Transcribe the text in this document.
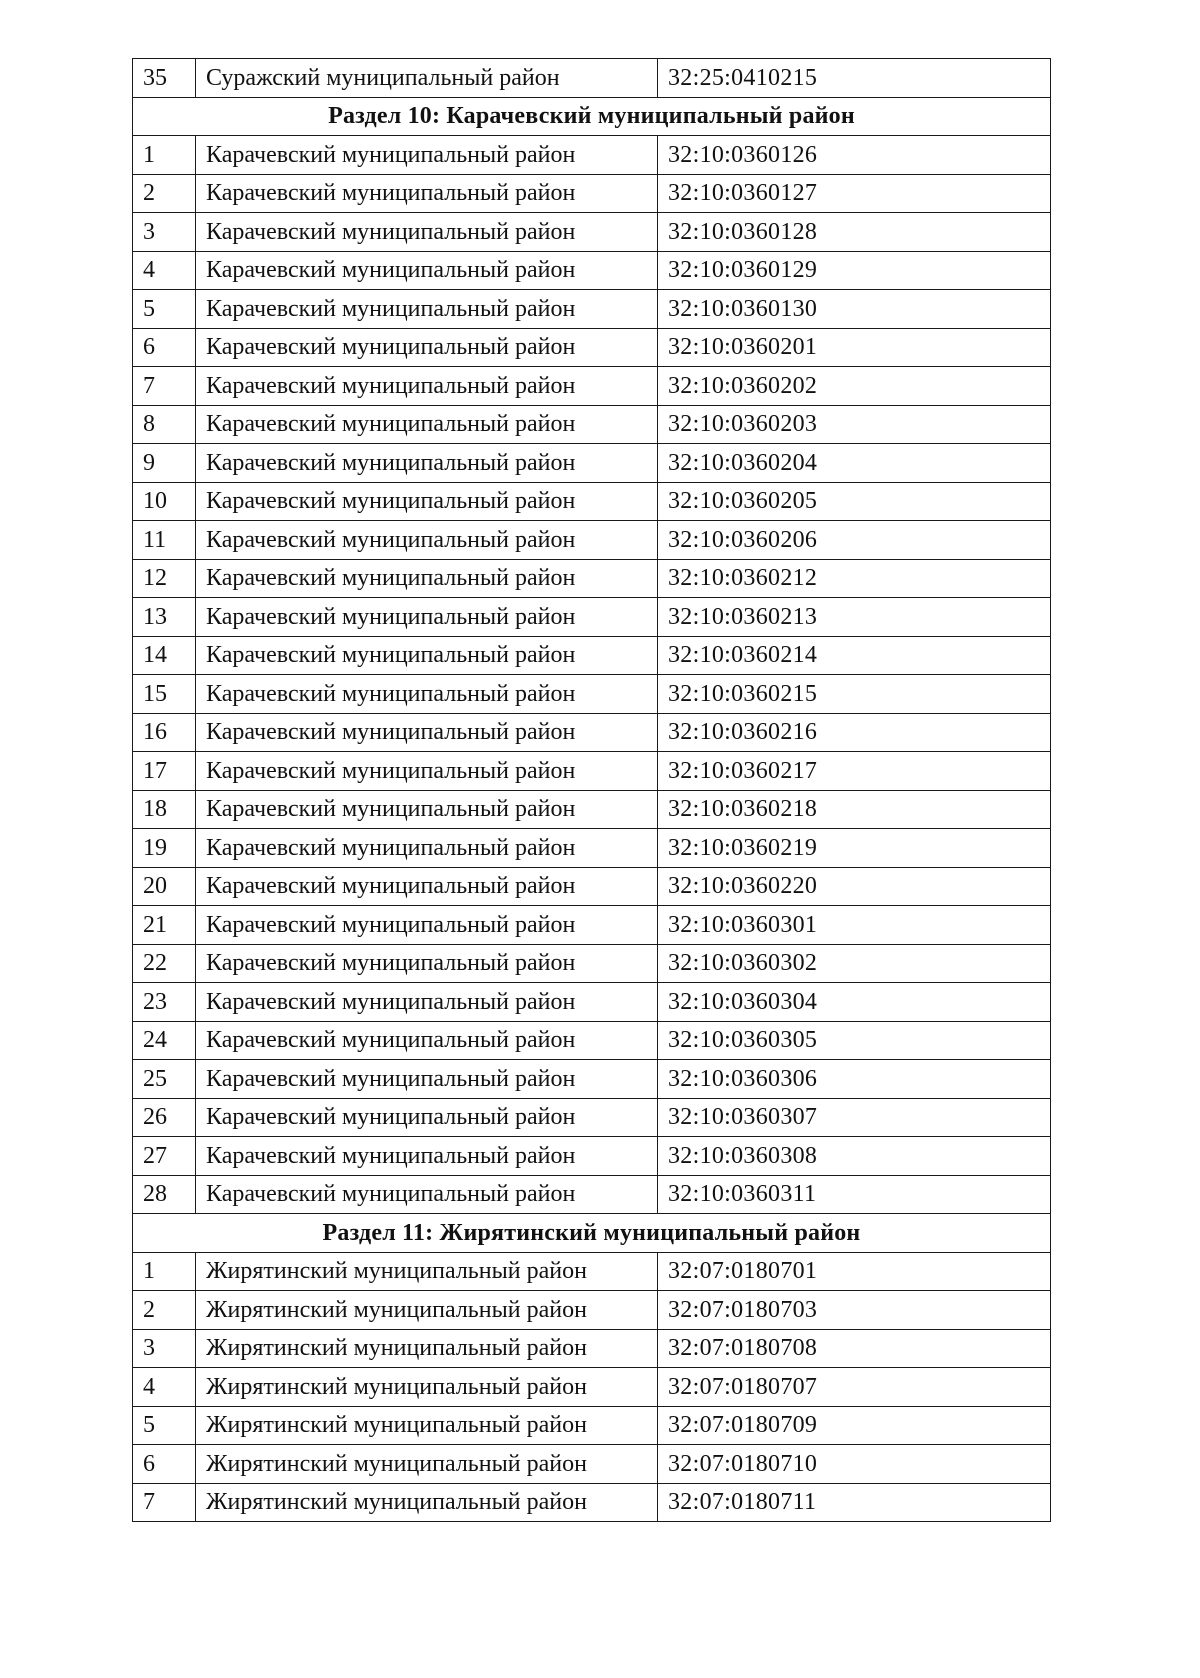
35	Суражский муниципальный район	32:25:0410215
Раздел 10: Карачевский муниципальный район		
1	Карачевский муниципальный район	32:10:0360126
2	Карачевский муниципальный район	32:10:0360127
3	Карачевский муниципальный район	32:10:0360128
4	Карачевский муниципальный район	32:10:0360129
5	Карачевский муниципальный район	32:10:0360130
6	Карачевский муниципальный район	32:10:0360201
7	Карачевский муниципальный район	32:10:0360202
8	Карачевский муниципальный район	32:10:0360203
9	Карачевский муниципальный район	32:10:0360204
10	Карачевский муниципальный район	32:10:0360205
11	Карачевский муниципальный район	32:10:0360206
12	Карачевский муниципальный район	32:10:0360212
13	Карачевский муниципальный район	32:10:0360213
14	Карачевский муниципальный район	32:10:0360214
15	Карачевский муниципальный район	32:10:0360215
16	Карачевский муниципальный район	32:10:0360216
17	Карачевский муниципальный район	32:10:0360217
18	Карачевский муниципальный район	32:10:0360218
19	Карачевский муниципальный район	32:10:0360219
20	Карачевский муниципальный район	32:10:0360220
21	Карачевский муниципальный район	32:10:0360301
22	Карачевский муниципальный район	32:10:0360302
23	Карачевский муниципальный район	32:10:0360304
24	Карачевский муниципальный район	32:10:0360305
25	Карачевский муниципальный район	32:10:0360306
26	Карачевский муниципальный район	32:10:0360307
27	Карачевский муниципальный район	32:10:0360308
28	Карачевский муниципальный район	32:10:0360311
Раздел 11: Жирятинский муниципальный район		
1	Жирятинский муниципальный район	32:07:0180701
2	Жирятинский муниципальный район	32:07:0180703
3	Жирятинский муниципальный район	32:07:0180708
4	Жирятинский муниципальный район	32:07:0180707
5	Жирятинский муниципальный район	32:07:0180709
6	Жирятинский муниципальный район	32:07:0180710
7	Жирятинский муниципальный район	32:07:0180711
